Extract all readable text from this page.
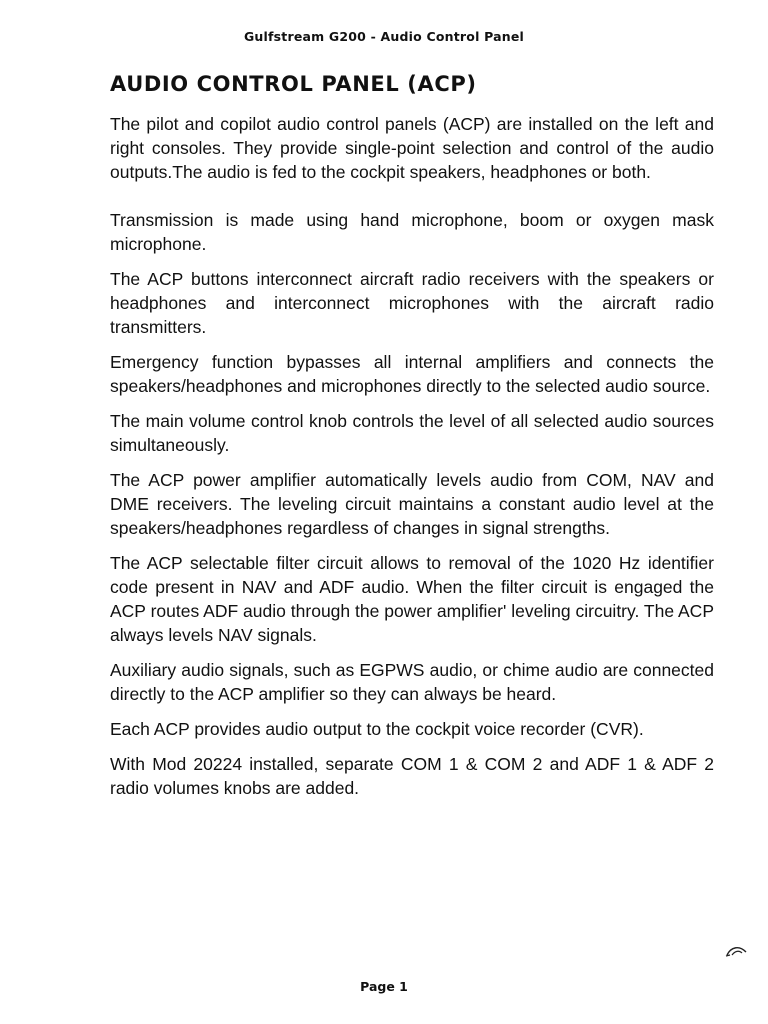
Gulfstream G200 - Audio Control Panel
AUDIO CONTROL PANEL (ACP)

The pilot and copilot audio control panels (ACP) are installed on the left and right consoles. They provide single-point selection and control of the audio outputs.The audio is fed to the cockpit speakers, headphones or both.

Transmission is made using hand microphone, boom or oxygen mask microphone.

The ACP buttons interconnect aircraft radio receivers with the speakers or headphones and interconnect microphones with the aircraft radio transmitters.

Emergency function bypasses all internal amplifiers and connects the speakers/headphones and microphones directly to the selected audio source.

The main volume control knob controls the level of all selected audio sources simultaneously.

The ACP power amplifier automatically levels audio from COM, NAV and DME receivers. The leveling circuit maintains a constant audio level at the speakers/headphones regardless of changes in signal strengths.

The ACP selectable filter circuit allows to removal of the 1020 Hz identifier code present in NAV and ADF audio. When the filter circuit is engaged the ACP routes ADF audio through the power amplifier' leveling circuitry. The ACP always levels NAV signals.

Auxiliary audio signals, such as EGPWS audio, or chime audio are connected directly to the ACP amplifier so they can always be heard.

Each ACP provides audio output to the cockpit voice recorder (CVR).

With Mod 20224 installed, separate COM 1 & COM 2 and ADF 1 & ADF 2 radio volumes knobs are added.

Page 1
